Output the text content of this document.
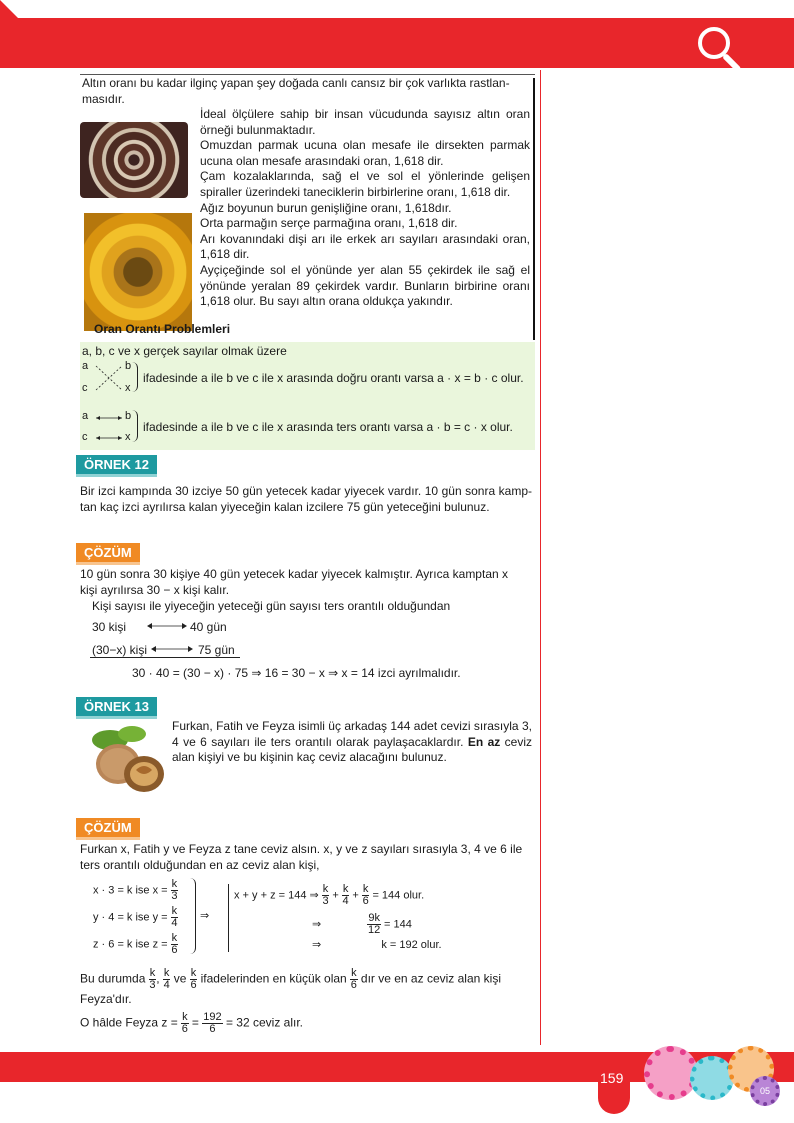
Altın oranı bu kadar ilginç yapan şey doğada canlı cansız bir çok varlıkta rastlan-
masıdır.
İdeal ölçülere sahip bir insan vücudunda sayısız altın oran örneği bulunmaktadır.
Omuzdan parmak ucuna olan mesafe ile dirsekten parmak ucuna olan mesafe arasındaki oran, 1,618 dir.
Çam kozalaklarında, sağ el ve sol el yönlerinde gelişen spiraller üzerindeki taneciklerin birbirlerine oranı, 1,618 dir.
Ağız boyunun burun genişliğine oranı, 1,618dır.
Orta parmağın serçe parmağına oranı, 1,618 dir.
Arı kovanındaki dişi arı ile erkek arı sayıları arasındaki oran, 1,618 dir.
Ayçiçeğinde sol el yönünde yer alan 55 çekirdek ile sağ el yönünde yeralan 89 çekirdek vardır. Bunların birbirine oranı 1,618 olur. Bu sayı altın orana oldukça yakındır.
Oran Orantı Problemleri
a, b, c ve x gerçek sayılar olmak üzere
a	b
c	x
ifadesinde a ile b ve c ile x arasında doğru orantı varsa a · x = b · c olur.
a	b
c	x
ifadesinde a ile b ve c ile x arasında ters orantı varsa a · b = c · x olur.
ÖRNEK 12
Bir izci kampında 30 izciye 50 gün yetecek kadar yiyecek vardır. 10 gün sonra kamp- tan kaç izci ayrılırsa kalan yiyeceğin kalan izcilere 75 gün yeteceğini bulunuz.
ÇÖZÜM
10 gün sonra 30 kişiye 40 gün yetecek kadar yiyecek kalmıştır. Ayrıca kamptan x
kişi ayrılırsa 30 − x kişi kalır.
Kişi sayısı ile yiyeceğin yeteceği gün sayısı ters orantılı olduğundan
30 kişi	40 gün
(30−x) kişi	75 gün
30 · 40 = (30 − x) · 75 ⇒ 16 = 30 − x ⇒ x = 14 izci ayrılmalıdır.
ÖRNEK 13
Furkan, Fatih ve Feyza isimli üç arkadaş 144 adet cevizi sırasıyla 3, 4 ve 6 sayıları ile ters orantılı olarak paylaşacaklardır. En az ceviz alan kişiyi ve bu kişinin kaç ceviz alacağını bulunuz.
ÇÖZÜM
Furkan x, Fatih y ve Feyza z tane ceviz alsın. x, y ve z sayıları sırasıyla 3, 4 ve 6 ile
ters orantılı olduğundan en az ceviz alan kişi,
x · 3 = k ise $x = \frac{k}{3}$
y · 4 = k ise $y = \frac{k}{4}$
z · 6 = k ise $z = \frac{k}{6}$
⇒
x + y + z = 144 ⇒ $\frac{k}{3} + \frac{k}{4} + \frac{k}{6} = 144$ olur.
⇒	$\frac{9k}{12} = 144$
⇒	k = 192 olur.
Bu durumda $\frac{k}{3}$ , $\frac{k}{4}$ ve $\frac{k}{6}$ ifadelerinden en küçük olan $\frac{k}{6}$ dır ve en az ceviz alan kişi Feyza'dır.
O hâlde Feyza $z = \frac{k}{6} = \frac{192}{6} = 32$ ceviz alır.
159
05
